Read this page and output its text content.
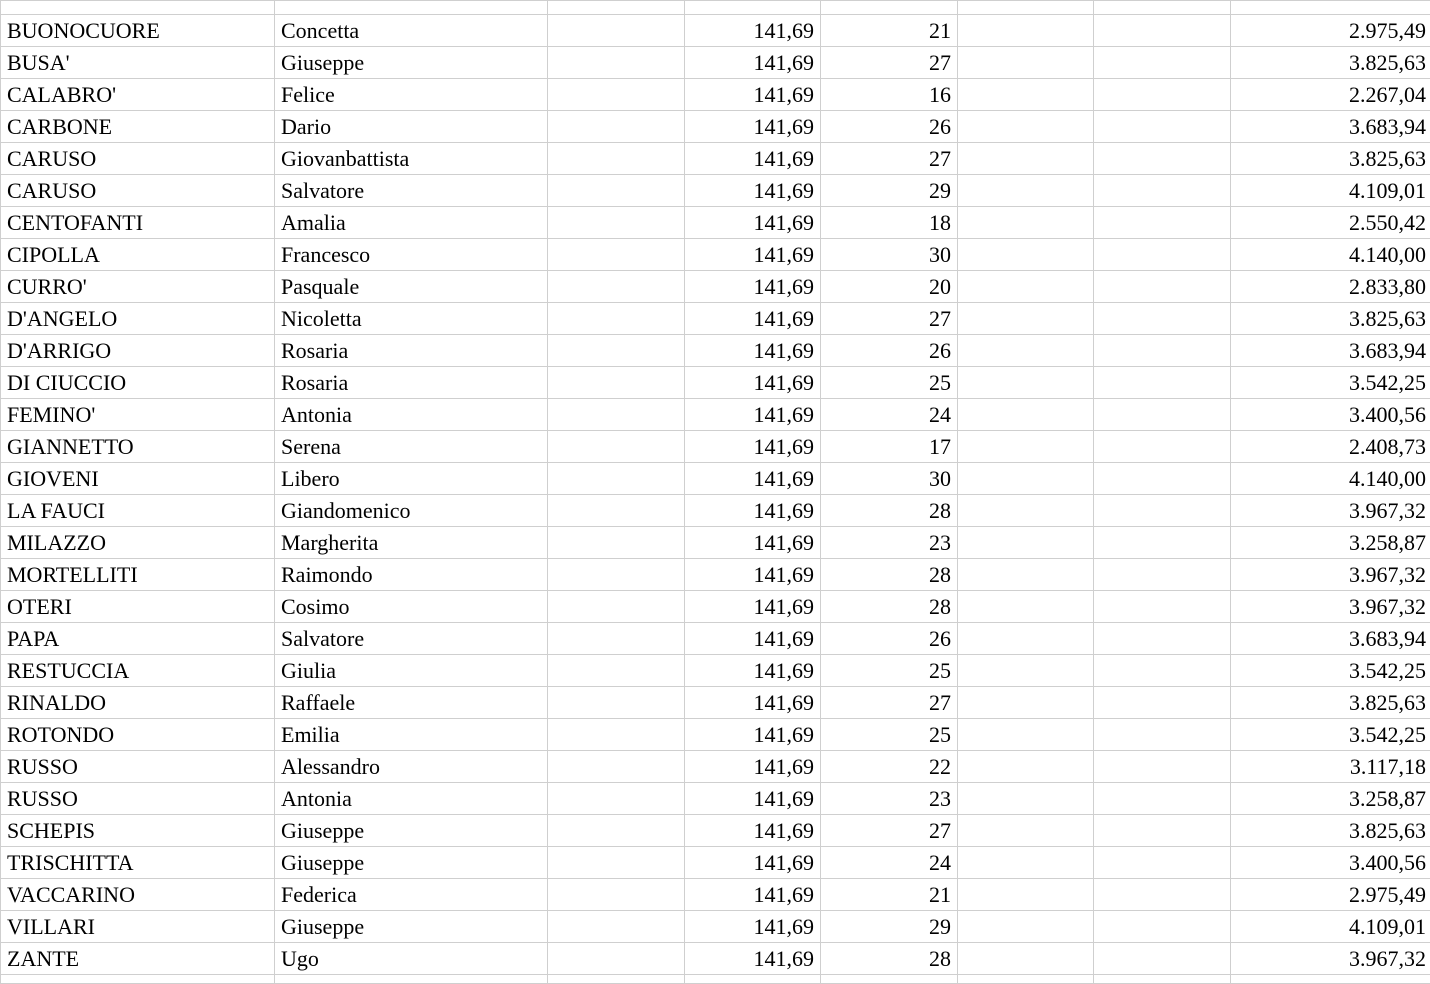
BUONOCUORE	Concetta		141,69	21			2.975,49
BUSA'	Giuseppe		141,69	27			3.825,63
CALABRO'	Felice		141,69	16			2.267,04
CARBONE	Dario		141,69	26			3.683,94
CARUSO	Giovanbattista		141,69	27			3.825,63
CARUSO	Salvatore		141,69	29			4.109,01
CENTOFANTI	Amalia		141,69	18			2.550,42
CIPOLLA	Francesco		141,69	30			4.140,00
CURRO'	Pasquale		141,69	20			2.833,80
D'ANGELO	Nicoletta		141,69	27			3.825,63
D'ARRIGO	Rosaria		141,69	26			3.683,94
DI CIUCCIO	Rosaria		141,69	25			3.542,25
FEMINO'	Antonia		141,69	24			3.400,56
GIANNETTO	Serena		141,69	17			2.408,73
GIOVENI	Libero		141,69	30			4.140,00
LA FAUCI	Giandomenico		141,69	28			3.967,32
MILAZZO	Margherita		141,69	23			3.258,87
MORTELLITI	Raimondo		141,69	28			3.967,32
OTERI	Cosimo		141,69	28			3.967,32
PAPA	Salvatore		141,69	26			3.683,94
RESTUCCIA	Giulia		141,69	25			3.542,25
RINALDO	Raffaele		141,69	27			3.825,63
ROTONDO	Emilia		141,69	25			3.542,25
RUSSO	Alessandro		141,69	22			3.117,18
RUSSO	Antonia		141,69	23			3.258,87
SCHEPIS	Giuseppe		141,69	27			3.825,63
TRISCHITTA	Giuseppe		141,69	24			3.400,56
VACCARINO	Federica		141,69	21			2.975,49
VILLARI	Giuseppe		141,69	29			4.109,01
ZANTE	Ugo		141,69	28			3.967,32
